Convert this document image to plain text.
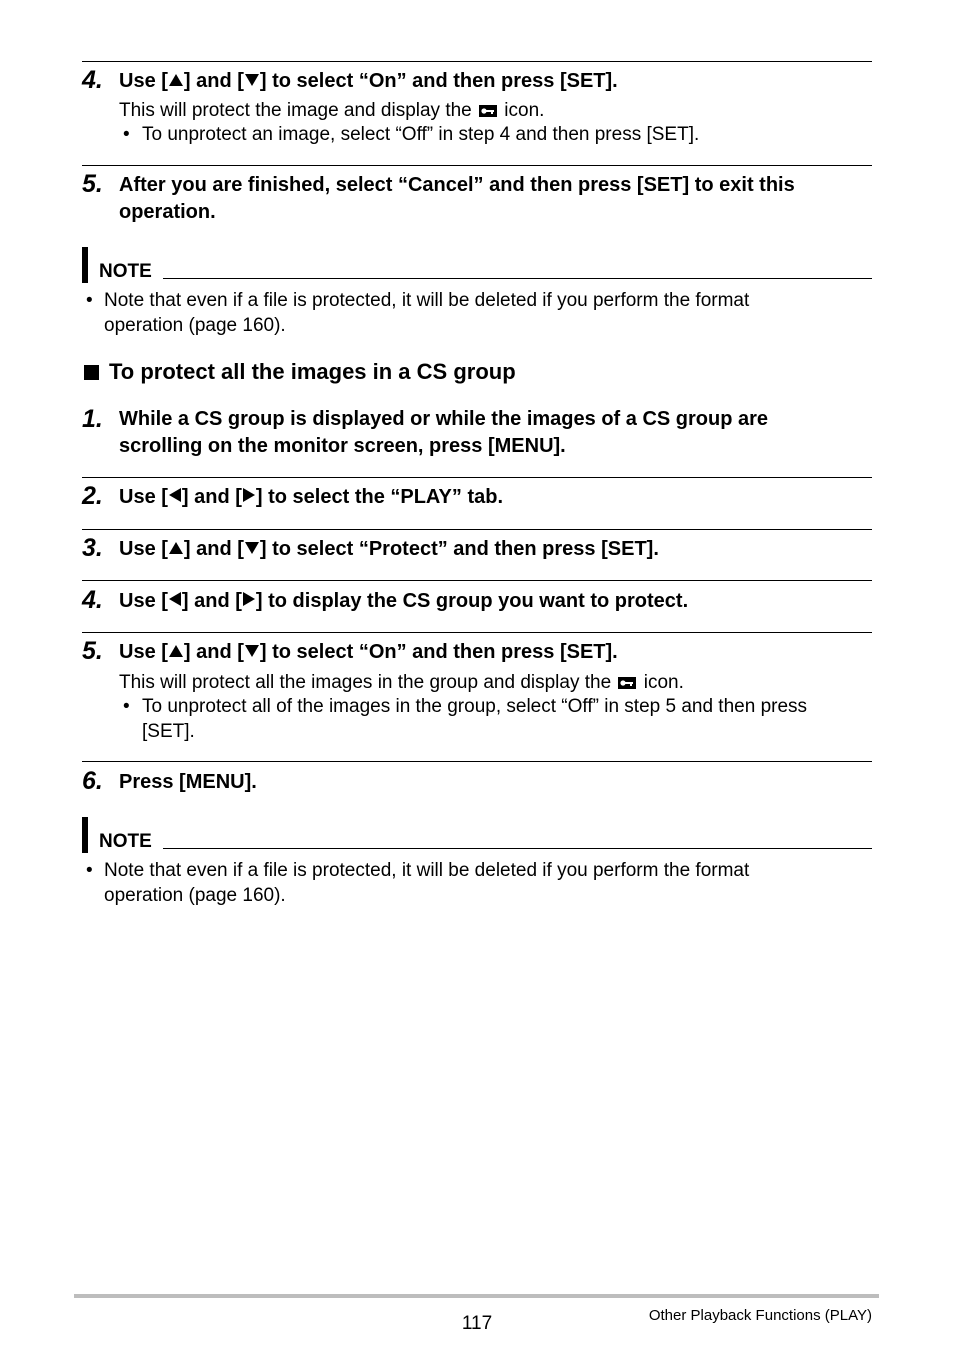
4. Use [ ] and [ ] to select “On” and then press [SET].
This will protect the image and display the icon.
• To unprotect an image, select “Off” in step 4 and then press [SET].
5. After you are finished, select “Cancel” and then press [SET] to exit this
operation.
NOTE
• Note that even if a file is protected, it will be deleted if you perform the format
operation (page 160).
To protect all the images in a CS group
1. While a CS group is displayed or while the images of a CS group are
scrolling on the monitor screen, press [MENU].
2. Use [ ] and [ ] to select the “PLAY” tab.
3. Use [ ] and [ ] to select “Protect” and then press [SET].
4. Use [ ] and [ ] to display the CS group you want to protect.
5. Use [ ] and [ ] to select “On” and then press [SET].
This will protect all the images in the group and display the icon.
• To unprotect all of the images in the group, select “Off” in step 5 and then press
[SET].
6. Press [MENU].
NOTE
• Note that even if a file is protected, it will be deleted if you perform the format
operation (page 160).
117	Other Playback Functions (PLAY)
